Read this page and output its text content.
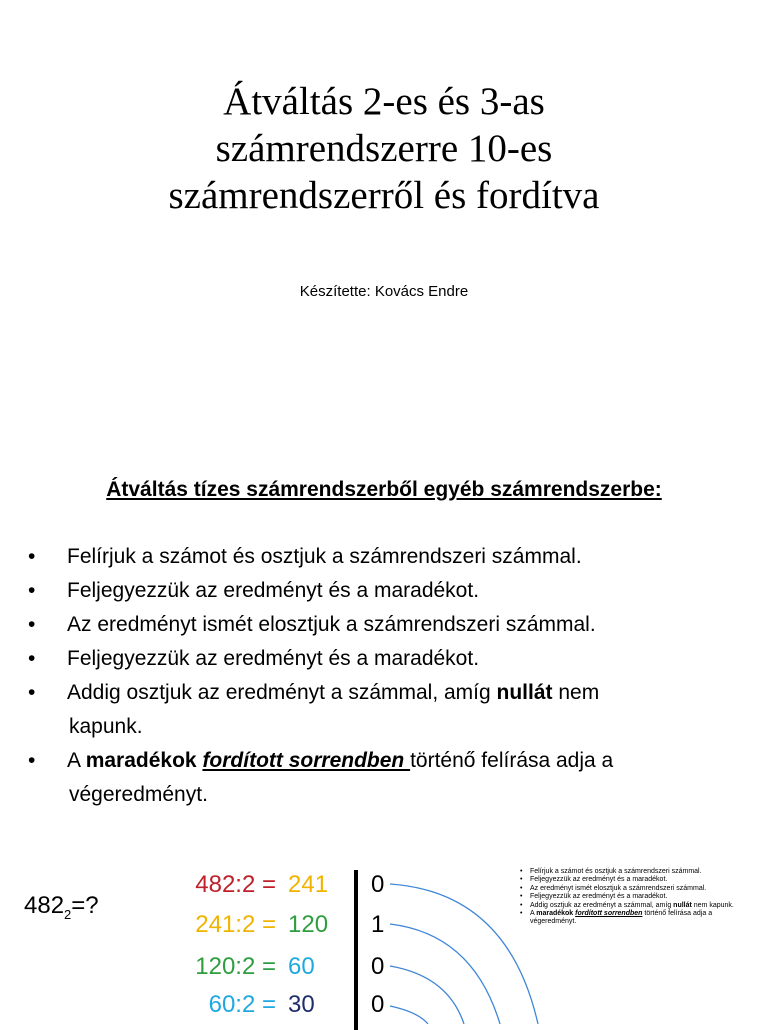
Átváltás 2-es és 3-as
számrendszerre 10-es
számrendszerről és fordítva
Készítette: Kovács Endre
Átváltás tízes számrendszerből egyéb számrendszerbe:
• Felírjuk a számot és osztjuk a számrendszeri számmal.
• Feljegyezzük az eredményt és a maradékot.
• Az eredményt ismét elosztjuk a számrendszeri számmal.
• Feljegyezzük az eredményt és a maradékot.
• Addig osztjuk az eredményt a számmal, amíg nullát nem
kapunk.
• A maradékok fordított sorrendben történő felírása adja a
végeredményt.
$482_2=$?
482:2 = 241 0
241:2 = 120 1
120:2 = 60 0
60:2 = 30 0
• Felírjuk a számot és osztjuk a számrendszeri számmal.
• Feljegyezzük az eredményt és a maradékot.
• Az eredményt ismét elosztjuk a számrendszeri számmal.
• Feljegyezzük az eredményt és a maradékot.
• Addig osztjuk az eredményt a számmal, amíg nullát nem kapunk.
• A maradékok fordított sorrendben történő felírása adja a végeredményt.
